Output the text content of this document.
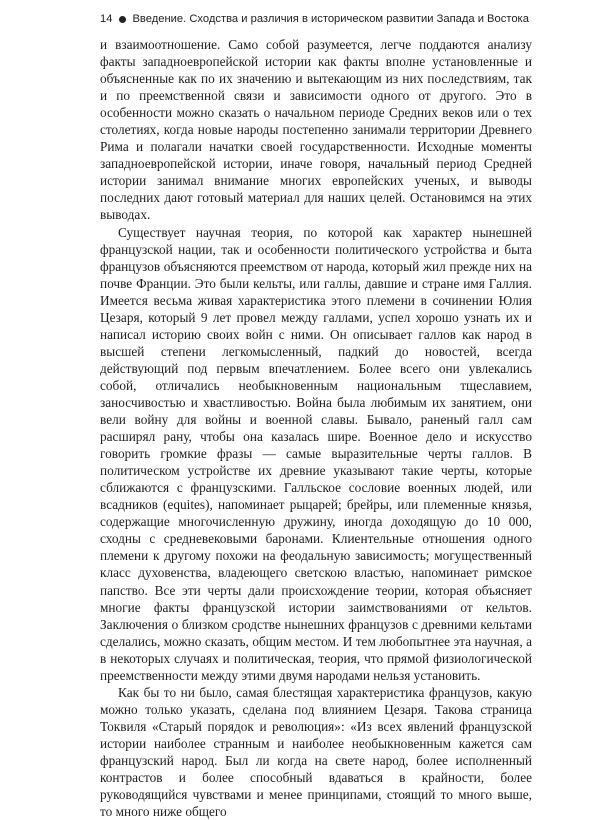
14 Введение. Сходства и различия в историческом развитии Запада и Востока

и взаимоотношение. Само собой разумеется, легче поддаются анализу факты западноевропейской истории как факты вполне установленные и объясненные как по их значению и вытекающим из них последствиям, так и по преемственной связи и зависимости одного от другого. Это в особенности можно сказать о начальном периоде Средних веков или о тех столетиях, когда новые народы постепенно занимали территории Древнего Рима и полагали начатки своей государственности. Исходные моменты западноевропейской истории, иначе говоря, начальный период Средней истории занимал внимание многих европейских ученых, и выводы последних дают готовый материал для наших целей. Остановимся на этих выводах.

Существует научная теория, по которой как характер нынешней французской нации, так и особенности политического устройства и быта французов объясняются преемством от народа, который жил прежде них на почве Франции. Это были кельты, или галлы, давшие и стране имя Галлия. Имеется весьма живая характеристика этого племени в сочинении Юлия Цезаря, который 9 лет провел между галлами, успел хорошо узнать их и написал историю своих войн с ними. Он описывает галлов как народ в высшей степени легкомысленный, падкий до новостей, всегда действующий под первым впечатлением. Более всего они увлекались собой, отличались необыкновенным национальным тщеславием, заносчивостью и хвастливостью. Война была любимым их занятием, они вели войну для войны и военной славы. Бывало, раненый галл сам расширял рану, чтобы она казалась шире. Военное дело и искусство говорить громкие фразы — самые выразительные черты галлов. В политическом устройстве их древние указывают такие черты, которые сближаются с французскими. Галльское сословие военных людей, или всадников (equites), напоминает рыцарей; брейры, или племенные князья, содержащие многочисленную дружину, иногда доходящую до 10 000, сходны с средневековыми баронами. Клиентельные отношения одного племени к другому похожи на феодальную зависимость; могущественный класс духовенства, владеющего светскою властью, напоминает римское папство. Все эти черты дали происхождение теории, которая объясняет многие факты французской истории заимствованиями от кельтов. Заключения о близком сродстве нынешних французов с древними кельтами сделались, можно сказать, общим местом. И тем любопытнее эта научная, а в некоторых случаях и политическая, теория, что прямой физиологической преемственности между этими двумя народами нельзя установить.

Как бы то ни было, самая блестящая характеристика французов, какую можно только указать, сделана под влиянием Цезаря. Такова страница Токвиля «Старый порядок и революция»: «Из всех явлений французской истории наиболее странным и наиболее необыкновенным кажется сам французский народ. Был ли когда на свете народ, более исполненный контрастов и более способный вдаваться в крайности, более руководящийся чувствами и менее принципами, стоящий то много выше, то много ниже общего
